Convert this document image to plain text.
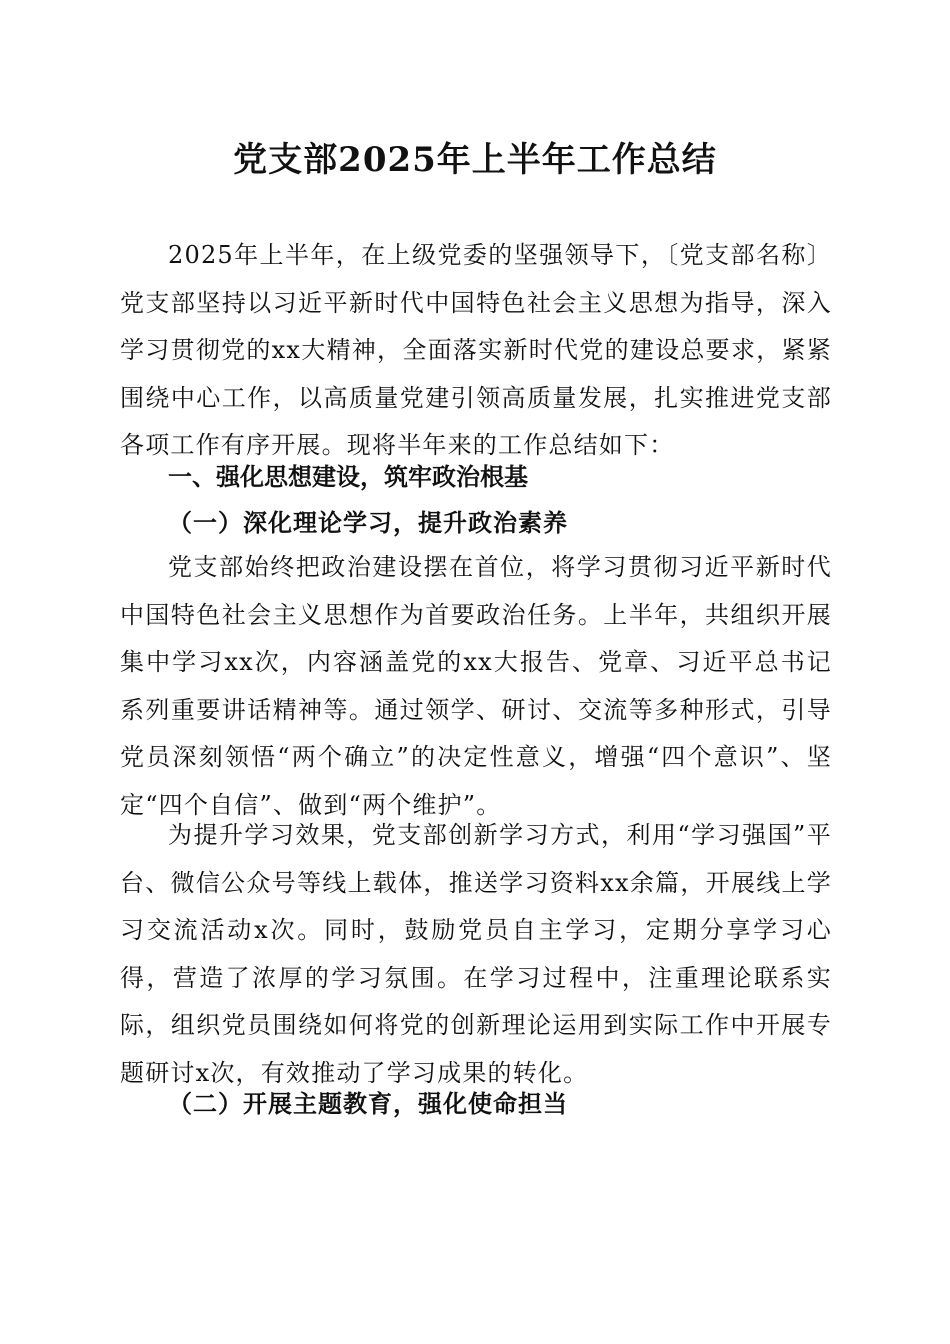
党支部2025年上半年工作总结

2025年上半年，在上级党委的坚强领导下，〔党支部名称〕党支部坚持以习近平新时代中国特色社会主义思想为指导，深入学习贯彻党的xx大精神，全面落实新时代党的建设总要求，紧紧围绕中心工作，以高质量党建引领高质量发展，扎实推进党支部各项工作有序开展。现将半年来的工作总结如下：

一、强化思想建设，筑牢政治根基
（一）深化理论学习，提升政治素养

党支部始终把政治建设摆在首位，将学习贯彻习近平新时代中国特色社会主义思想作为首要政治任务。上半年，共组织开展集中学习xx次，内容涵盖党的xx大报告、党章、习近平总书记系列重要讲话精神等。通过领学、研讨、交流等多种形式，引导党员深刻领悟“两个确立”的决定性意义，增强“四个意识”、坚定“四个自信”、做到“两个维护”。

为提升学习效果，党支部创新学习方式，利用“学习强国”平台、微信公众号等线上载体，推送学习资料xx余篇，开展线上学习交流活动x次。同时，鼓励党员自主学习，定期分享学习心得，营造了浓厚的学习氛围。在学习过程中，注重理论联系实际，组织党员围绕如何将党的创新理论运用到实际工作中开展专题研讨x次，有效推动了学习成果的转化。

（二）开展主题教育，强化使命担当
